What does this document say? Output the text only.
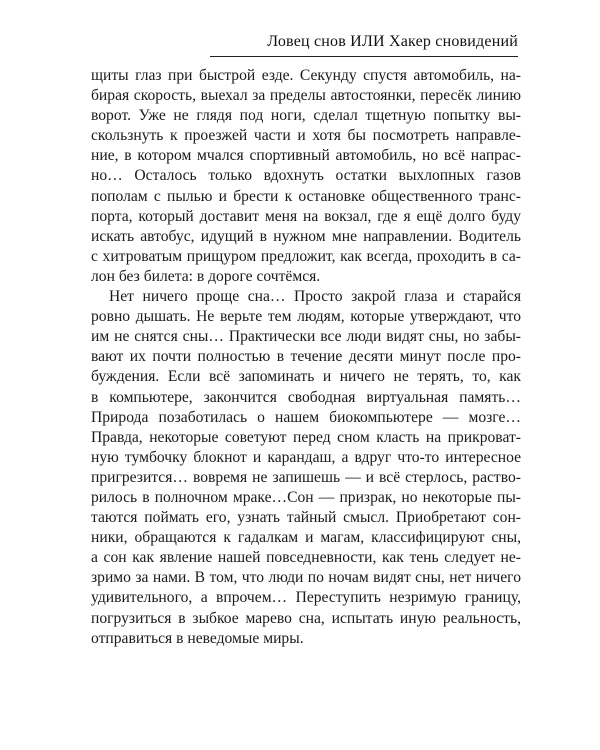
Ловец снов ИЛИ Хакер сновидений
щиты глаз при быстрой езде. Секунду спустя автомобиль, на-
бирая скорость, выехал за пределы автостоянки, пересёк линию
ворот. Уже не глядя под ноги, сделал тщетную попытку вы-
скользнуть к проезжей части и хотя бы посмотреть направле-
ние, в котором мчался спортивный автомобиль, но всё напрас-
но… Осталось только вдохнуть остатки выхлопных газов
пополам с пылью и брести к остановке общественного транс-
порта, который доставит меня на вокзал, где я ещё долго буду
искать автобус, идущий в нужном мне направлении. Водитель
с хитроватым прищуром предложит, как всегда, проходить в са-
лон без билета: в дороге сочтёмся.
Нет ничего проще сна… Просто закрой глаза и старайся
ровно дышать. Не верьте тем людям, которые утверждают, что
им не снятся сны… Практически все люди видят сны, но забы-
вают их почти полностью в течение десяти минут после про-
буждения. Если всё запоминать и ничего не терять, то, как
в компьютере, закончится свободная виртуальная память…
Природа позаботилась о нашем биокомпьютере — мозге…
Правда, некоторые советуют перед сном класть на прикроват-
ную тумбочку блокнот и карандаш, а вдруг что-то интересное
пригрезится… вовремя не запишешь — и всё стерлось, раство-
рилось в полночном мраке…Сон — призрак, но некоторые пы-
таются поймать его, узнать тайный смысл. Приобретают сон-
ники, обращаются к гадалкам и магам, классифицируют сны,
а сон как явление нашей повседневности, как тень следует не-
зримо за нами. В том, что люди по ночам видят сны, нет ничего
удивительного, а впрочем… Переступить незримую границу,
погрузиться в зыбкое марево сна, испытать иную реальность,
отправиться в неведомые миры.
